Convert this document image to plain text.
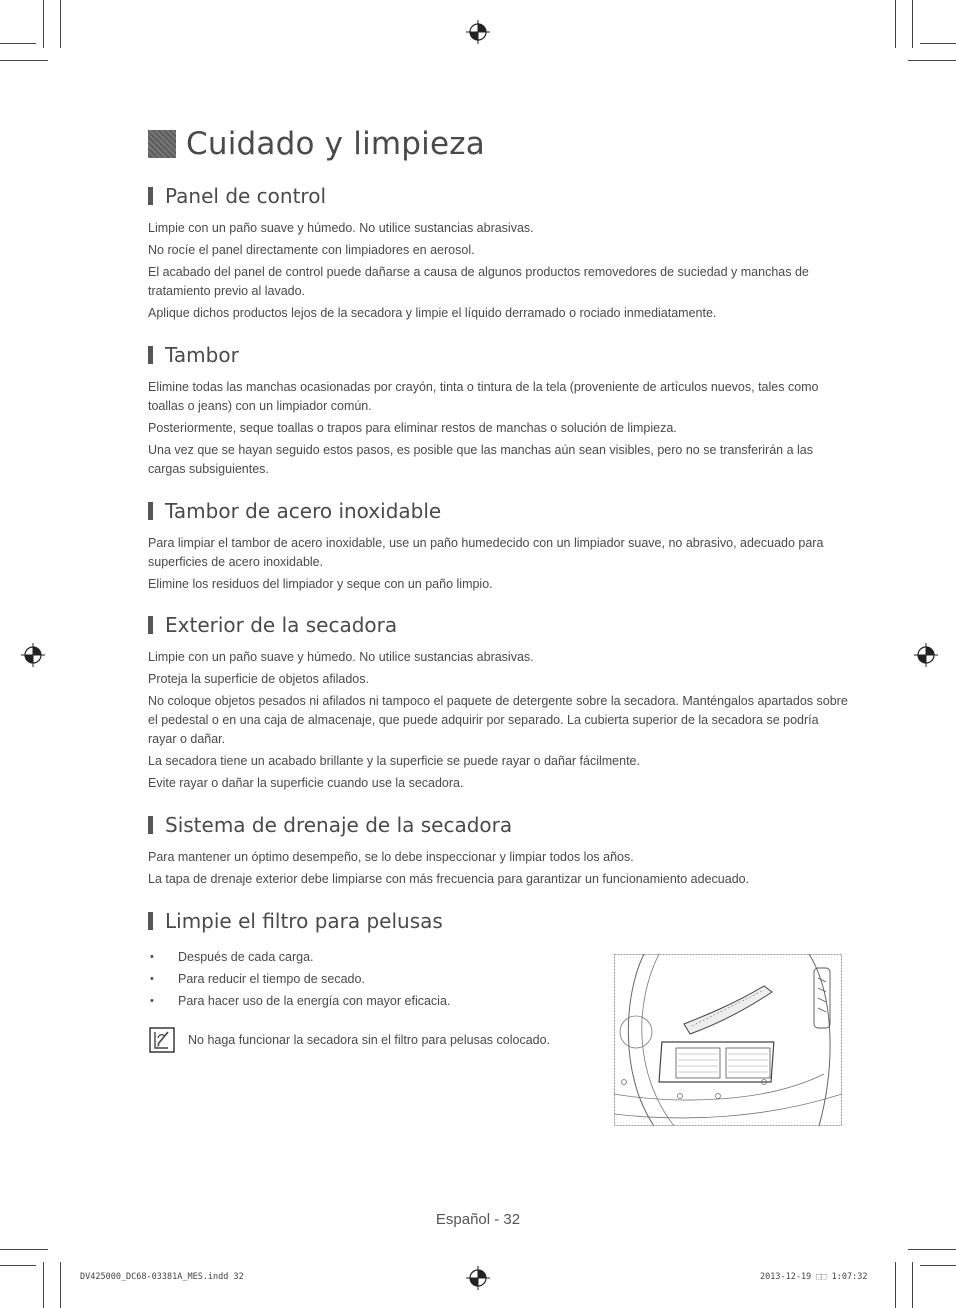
Cuidado y limpieza
Panel de control

Limpie con un paño suave y húmedo. No utilice sustancias abrasivas.

No rocíe el panel directamente con limpiadores en aerosol.

El acabado del panel de control puede dañarse a causa de algunos productos removedores de suciedad y manchas de tratamiento previo al lavado.

Aplique dichos productos lejos de la secadora y limpie el líquido derramado o rociado inmediatamente.

Tambor

Elimine todas las manchas ocasionadas por crayón, tinta o tintura de la tela (proveniente de artículos nuevos, tales como toallas o jeans) con un limpiador común.

Posteriormente, seque toallas o trapos para eliminar restos de manchas o solución de limpieza.

Una vez que se hayan seguido estos pasos, es posible que las manchas aún sean visibles, pero no se transferirán a las cargas subsiguientes.

Tambor de acero inoxidable

Para limpiar el tambor de acero inoxidable, use un paño humedecido con un limpiador suave, no abrasivo, adecuado para superficies de acero inoxidable.

Elimine los residuos del limpiador y seque con un paño limpio.

Exterior de la secadora

Limpie con un paño suave y húmedo. No utilice sustancias abrasivas.

Proteja la superficie de objetos afilados.

No coloque objetos pesados ni afilados ni tampoco el paquete de detergente sobre la secadora. Manténgalos apartados sobre el pedestal o en una caja de almacenaje, que puede adquirir por separado. La cubierta superior de la secadora se podría rayar o dañar.

La secadora tiene un acabado brillante y la superficie se puede rayar o dañar fácilmente.

Evite rayar o dañar la superficie cuando use la secadora.

Sistema de drenaje de la secadora

Para mantener un óptimo desempeño, se lo debe inspeccionar y limpiar todos los años.

La tapa de drenaje exterior debe limpiarse con más frecuencia para garantizar un funcionamiento adecuado.

Limpie el filtro para pelusas
• Después de cada carga.
• Para reducir el tiempo de secado.
• Para hacer uso de la energía con mayor eficacia.
No haga funcionar la secadora sin el filtro para pelusas colocado.
Español - 32
DV425000_DC68-03381A_MES.indd 32	2013-12-19 ⬚⬚ 1:07:32
